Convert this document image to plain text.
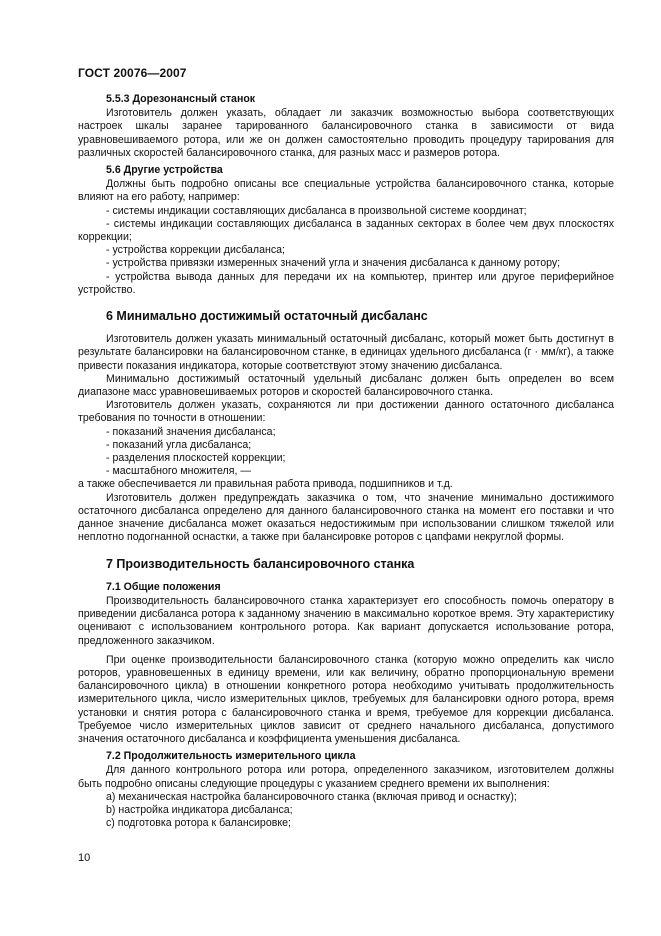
ГОСТ 20076—2007
5.5.3 Дорезонансный станок

Изготовитель должен указать, обладает ли заказчик возможностью выбора соответствующих настроек шкалы заранее тарированного балансировочного станка в зависимости от вида уравновешиваемого ротора, или же он должен самостоятельно проводить процедуру тарирования для различных скоростей балансировочного станка, для разных масс и размеров ротора.

5.6 Другие устройства

Должны быть подробно описаны все специальные устройства балансировочного станка, которые влияют на его работу, например:

- системы индикации составляющих дисбаланса в произвольной системе координат;

- системы индикации составляющих дисбаланса в заданных секторах в более чем двух плоскостях коррекции;

- устройства коррекции дисбаланса;

- устройства привязки измеренных значений угла и значения дисбаланса к данному ротору;

- устройства вывода данных для передачи их на компьютер, принтер или другое периферийное устройство.

6 Минимально достижимый остаточный дисбаланс

Изготовитель должен указать минимальный остаточный дисбаланс, который может быть достигнут в результате балансировки на балансировочном станке, в единицах удельного дисбаланса (г · мм/кг), а также привести показания индикатора, которые соответствуют этому значению дисбаланса.

Минимально достижимый остаточный удельный дисбаланс должен быть определен во всем диапазоне масс уравновешиваемых роторов и скоростей балансировочного станка.

Изготовитель должен указать, сохраняются ли при достижении данного остаточного дисбаланса требования по точности в отношении:

- показаний значения дисбаланса;

- показаний угла дисбаланса;

- разделения плоскостей коррекции;

- масштабного множителя, —

а также обеспечивается ли правильная работа привода, подшипников и т.д.

Изготовитель должен предупреждать заказчика о том, что значение минимально достижимого остаточного дисбаланса определено для данного балансировочного станка на момент его поставки и что данное значение дисбаланса может оказаться недостижимым при использовании слишком тяжелой или неплотно подогнанной оснастки, а также при балансировке роторов с цапфами некруглой формы.

7 Производительность балансировочного станка
7.1 Общие положения

Производительность балансировочного станка характеризует его способность помочь оператору в приведении дисбаланса ротора к заданному значению в максимально короткое время. Эту характеристику оценивают с использованием контрольного ротора. Как вариант допускается использование ротора, предложенного заказчиком.

При оценке производительности балансировочного станка (которую можно определить как число роторов, уравновешенных в единицу времени, или как величину, обратно пропорциональную времени балансировочного цикла) в отношении конкретного ротора необходимо учитывать продолжительность измерительного цикла, число измерительных циклов, требуемых для балансировки одного ротора, время установки и снятия ротора с балансировочного станка и время, требуемое для коррекции дисбаланса. Требуемое число измерительных циклов зависит от среднего начального дисбаланса, допустимого значения остаточного дисбаланса и коэффициента уменьшения дисбаланса.

7.2 Продолжительность измерительного цикла

Для данного контрольного ротора или ротора, определенного заказчиком, изготовителем должны быть подробно описаны следующие процедуры с указанием среднего времени их выполнения:

a) механическая настройка балансировочного станка (включая привод и оснастку);

b) настройка индикатора дисбаланса;

c) подготовка ротора к балансировке;

10
